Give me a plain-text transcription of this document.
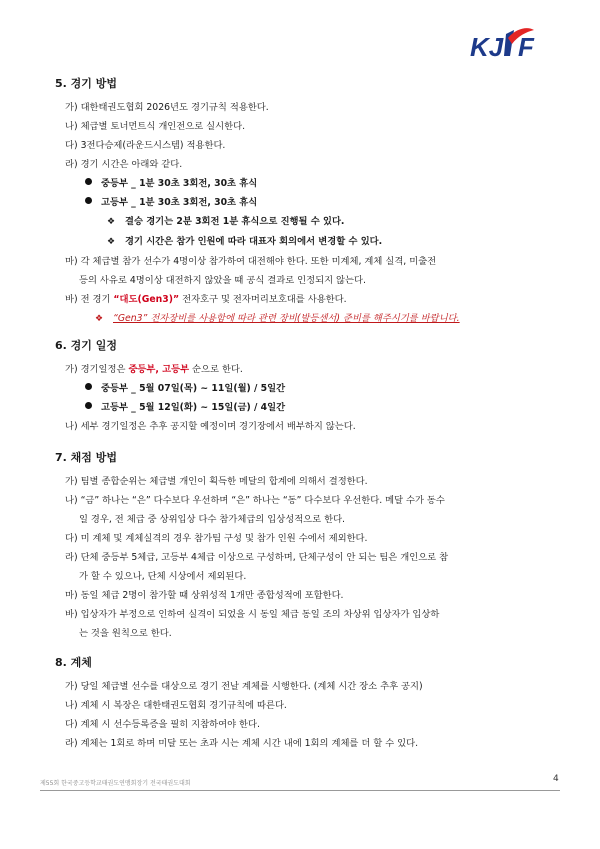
KJ F
5. 경기 방법
가) 대한태권도협회 2026년도 경기규칙 적용한다.
나) 체급별 토너먼트식 개인전으로 실시한다.
다) 3전다승제(라운드시스템) 적용한다.
라) 경기 시간은 아래와 같다.
중등부 _ 1분 30초 3회전, 30초 휴식
고등부 _ 1분 30초 3회전, 30초 휴식
❖ 결승 경기는 2분 3회전 1분 휴식으로 진행될 수 있다.
❖ 경기 시간은 참가 인원에 따라 대표자 회의에서 변경할 수 있다.
마) 각 체급별 참가 선수가 4명이상 참가하여 대전해야 한다. 또한 미계체, 계체 실격, 미출전
등의 사유로 4명이상 대전하지 않았을 때 공식 결과로 인정되지 않는다.
바) 전 경기 “대도(Gen3)” 전자호구 및 전자머리보호대를 사용한다.
❖ “Gen3” 전자장비를 사용함에 따라 관련 장비(발등센서) 준비를 해주시기를 바랍니다.
6. 경기 일정
가) 경기일정은 중등부, 고등부 순으로 한다.
중등부 _ 5월 07일(목) ~ 11일(월) / 5일간
고등부 _ 5월 12일(화) ~ 15일(금) / 4일간
나) 세부 경기일정은 추후 공지할 예정이며 경기장에서 배부하지 않는다.
7. 채점 방법
가) 팀별 종합순위는 체급별 개인이 획득한 메달의 합계에 의해서 결정한다.
나) “금” 하나는 “은” 다수보다 우선하며 “은” 하나는 “동” 다수보다 우선한다. 메달 수가 동수
일 경우, 전 체급 중 상위입상 다수 참가체급의 입상성적으로 한다.
다) 미 계체 및 계체실격의 경우 참가팀 구성 및 참가 인원 수에서 제외한다.
라) 단체 중등부 5체급, 고등부 4체급 이상으로 구성하며, 단체구성이 안 되는 팀은 개인으로 참
가 할 수 있으나, 단체 시상에서 제외된다.
마) 동일 체급 2명이 참가할 때 상위성적 1개만 종합성적에 포함한다.
바) 입상자가 부정으로 인하여 실격이 되었을 시 동일 체급 동일 조의 차상위 입상자가 입상하
는 것을 원칙으로 한다.
8. 계체
가) 당일 체급별 선수를 대상으로 경기 전날 계체를 시행한다. (계체 시간 장소 추후 공지)
나) 계체 시 복장은 대한태권도협회 경기규칙에 따른다.
다) 계체 시 선수등록증을 필히 지참하여야 한다.
라) 계체는 1회로 하며 미달 또는 초과 시는 계체 시간 내에 1회의 계체를 더 할 수 있다.
제55회 한국중고등학교태권도연맹회장기 전국태권도대회	4
